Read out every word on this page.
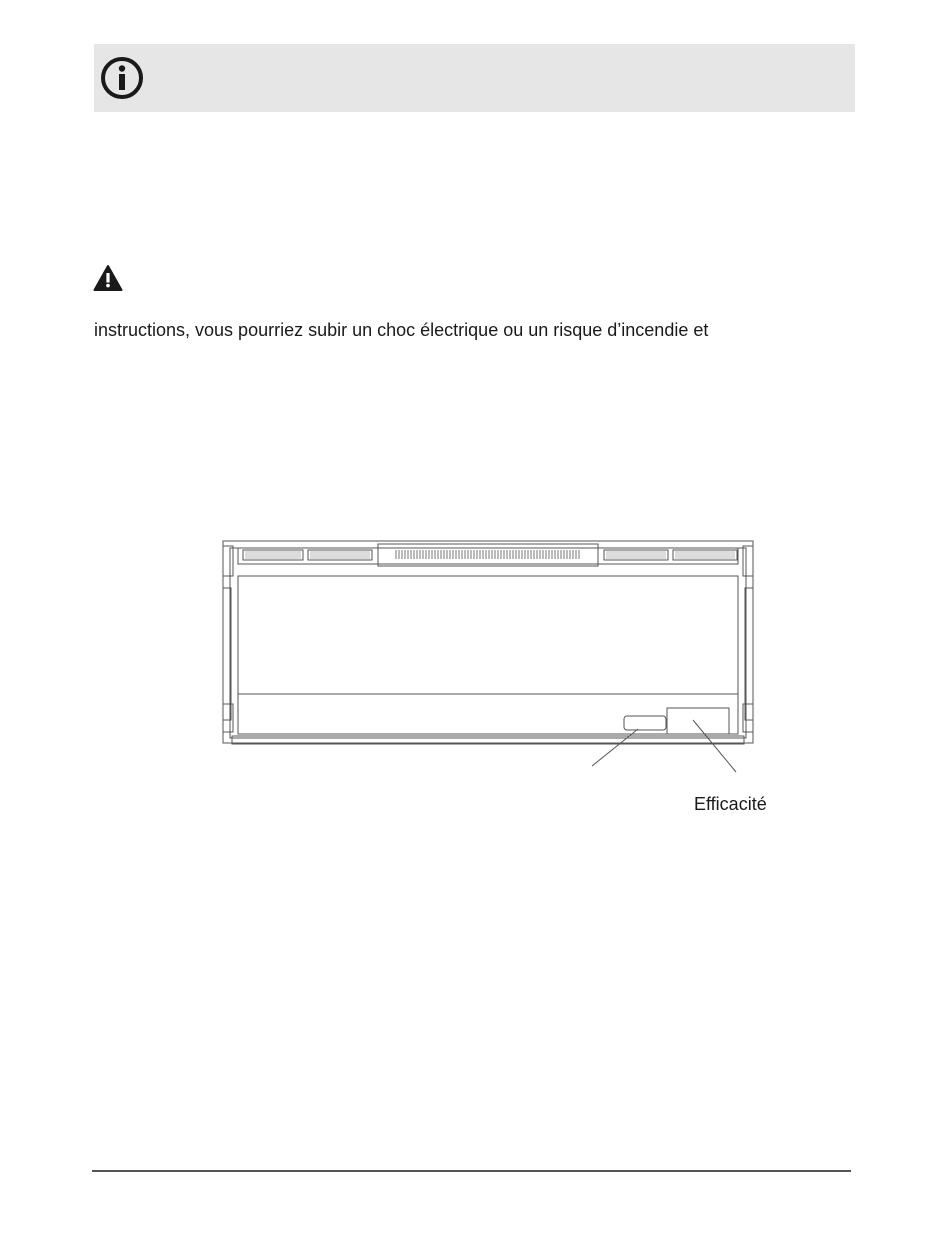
instructions, vous pourriez subir un choc électrique ou un risque d’incendie et
Efficacité
